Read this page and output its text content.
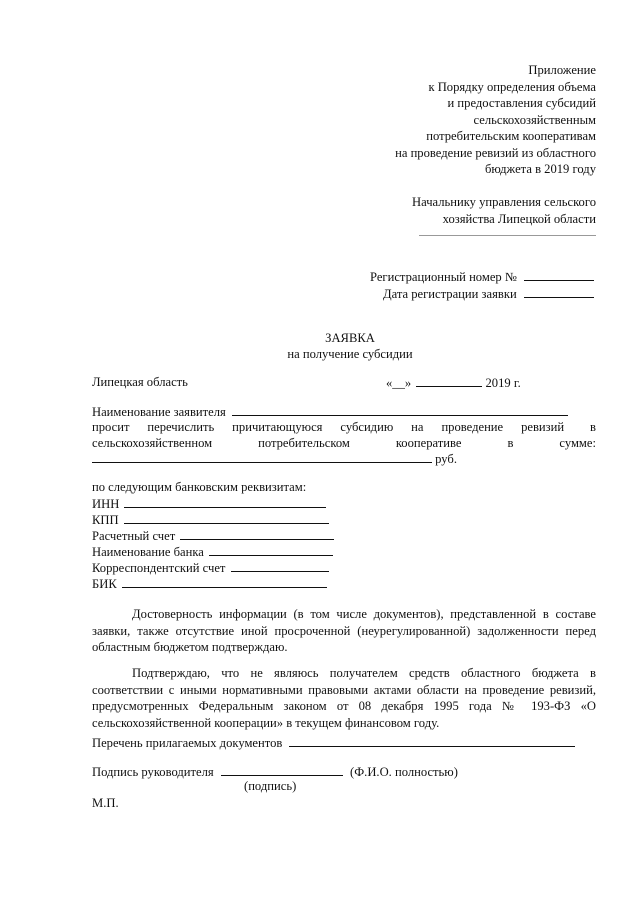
Приложение
к Порядку определения объема
и предоставления субсидий
сельскохозяйственным
потребительским кооперативам
на проведение ревизий из областного
бюджета в 2019 году
Начальнику управления сельского
хозяйства Липецкой области
Регистрационный номер №
Дата регистрации заявки
ЗАЯВКА
на получение субсидии
Липецкая область	«__»	2019 г.
Наименование заявителя
просит перечислить причитающуюся субсидию на проведение ревизий в
сельскохозяйственном	потребительском	кооперативе	в	сумме:
руб.
по следующим банковским реквизитам:
ИНН
КПП
Расчетный счет
Наименование банка
Корреспондентский счет
БИК
Достоверность информации (в том числе документов), представленной в составе заявки, также отсутствие иной просроченной (неурегулированной) задолженности перед областным бюджетом подтверждаю.
Подтверждаю, что не являюсь получателем средств областного бюджета в соответствии с иными нормативными правовыми актами области на проведение ревизий, предусмотренных Федеральным законом от 08 декабря 1995 года № 193-ФЗ «О сельскохозяйственной кооперации» в текущем финансовом году.
Перечень прилагаемых документов
Подпись руководителя	(Ф.И.О. полностью)
(подпись)
М.П.
